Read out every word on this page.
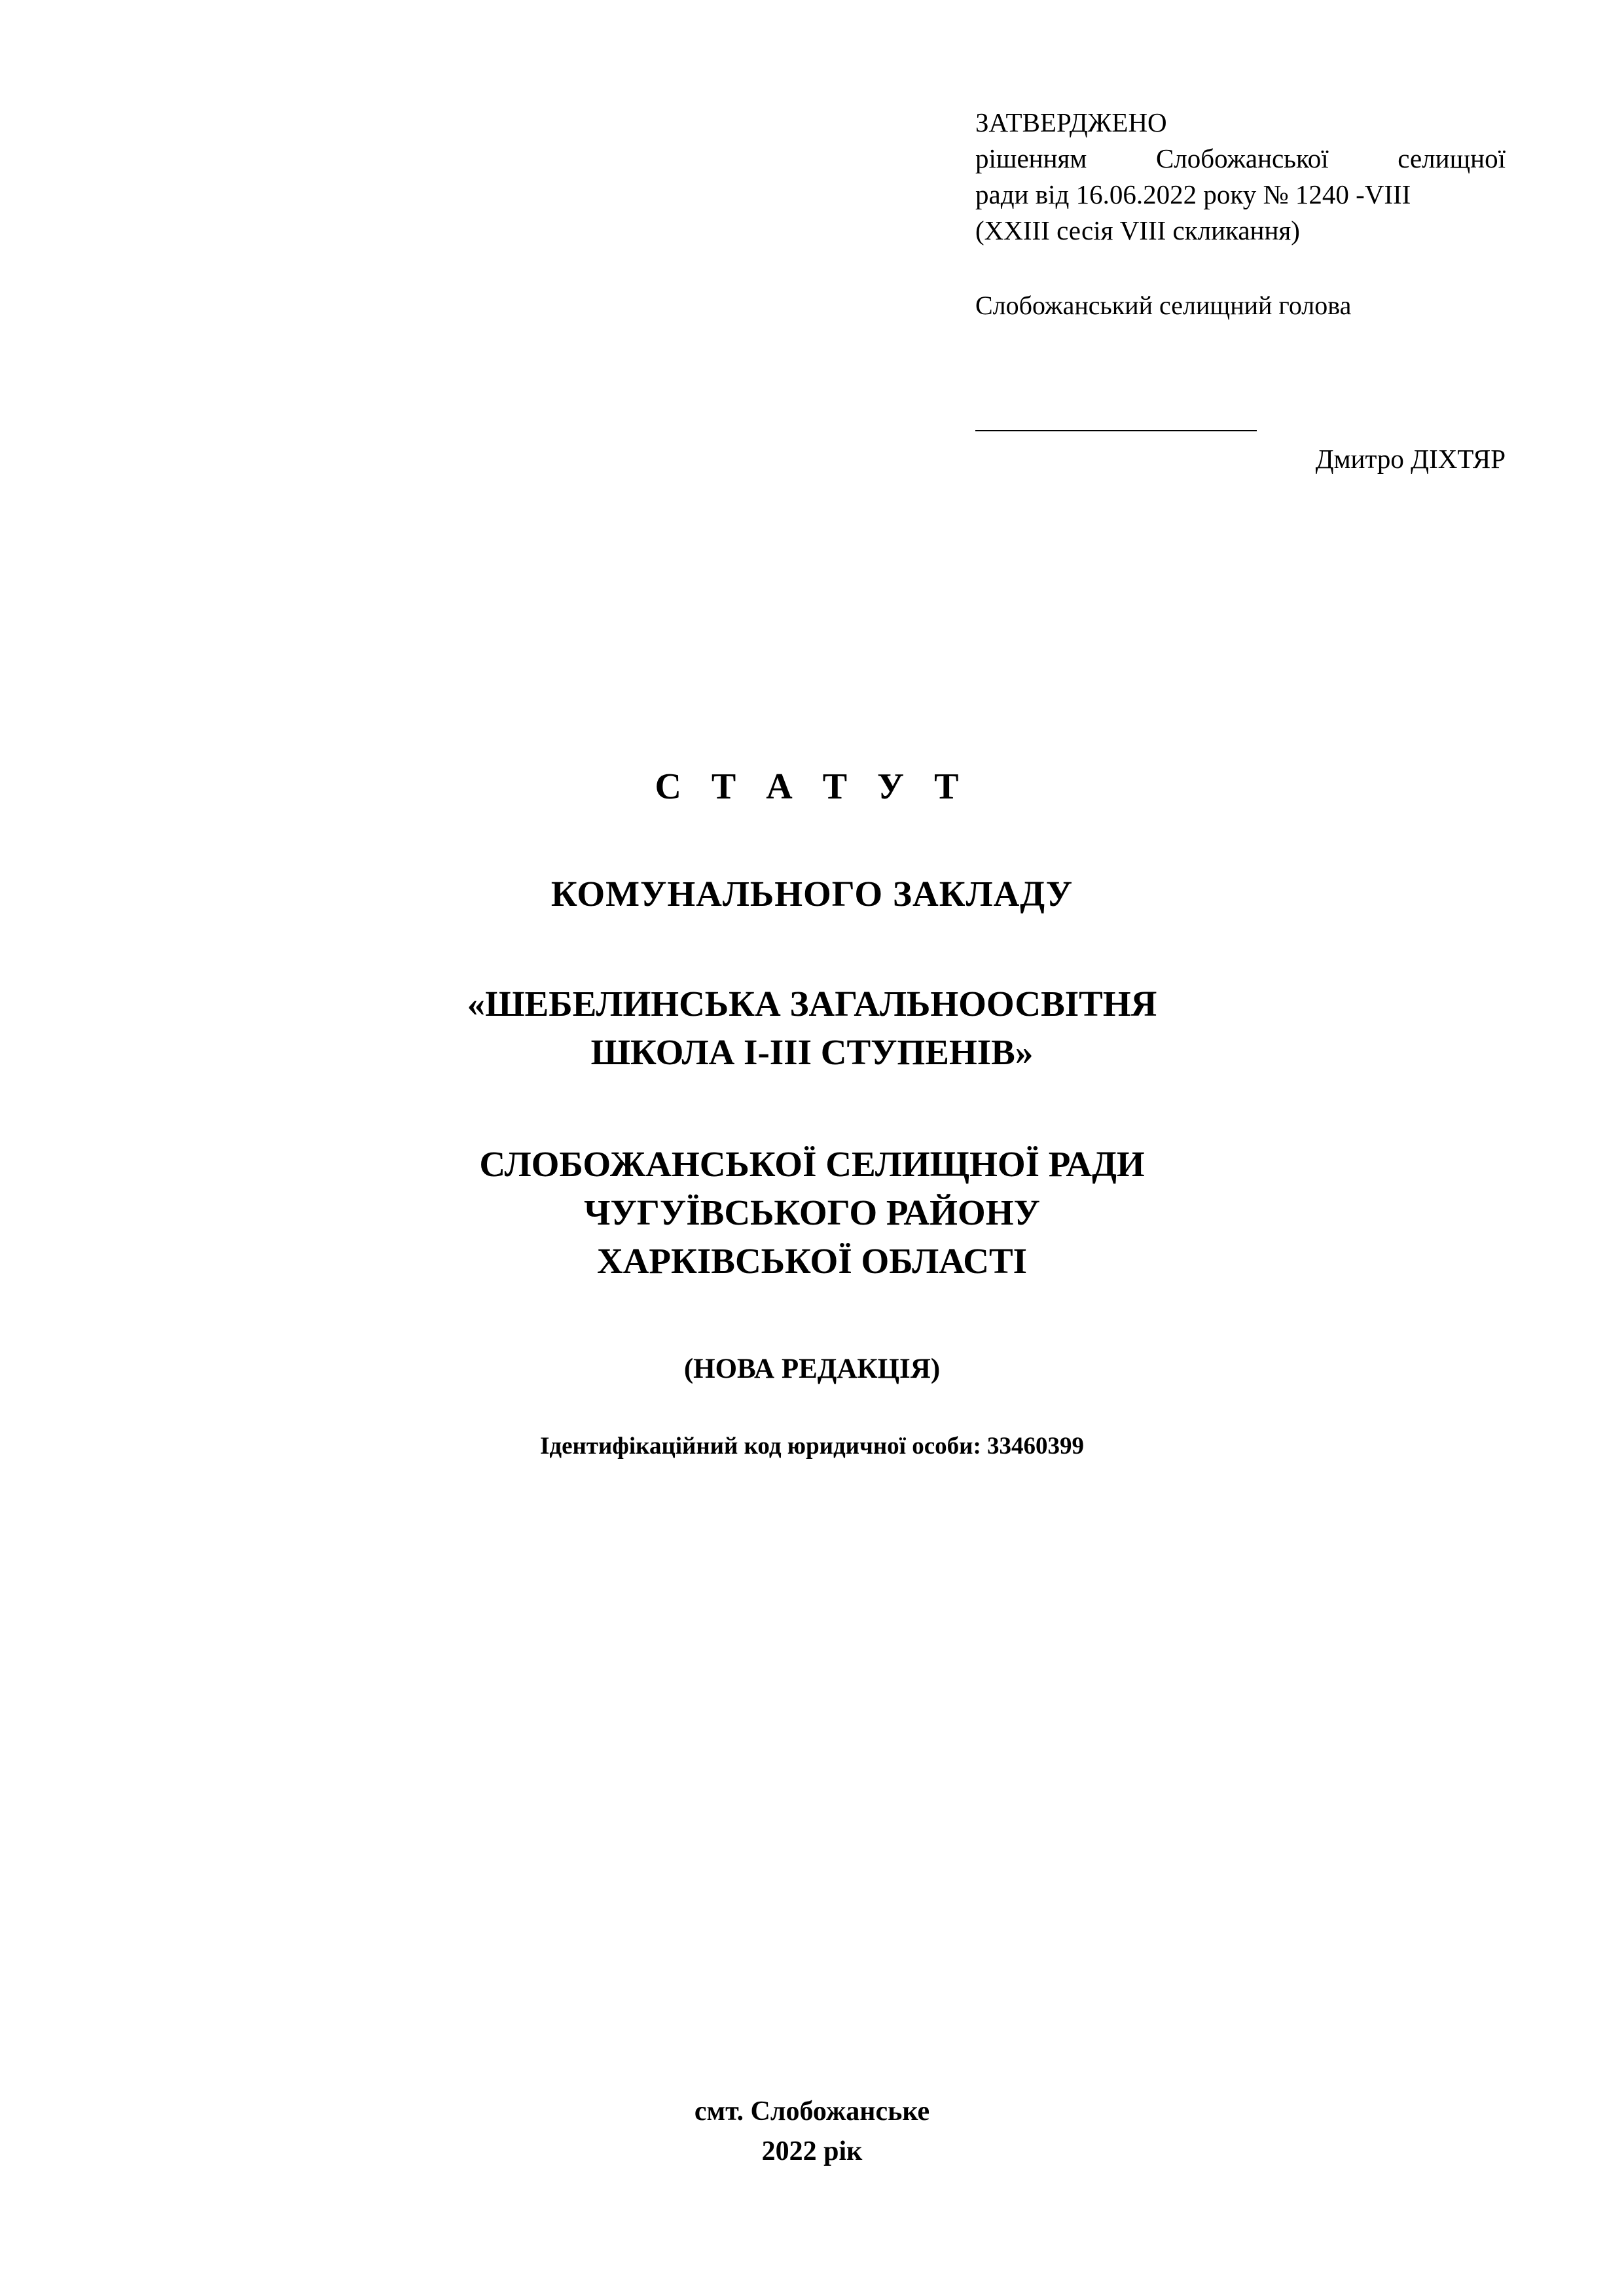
ЗАТВЕРДЖЕНО
рішенням Слобожанської селищної
ради від 16.06.2022 року № 1240 -VIII
(XXIII сесія VIII скликання)
Слобожанський селищний голова
Дмитро ДІХТЯР
С Т А Т У Т
КОМУНАЛЬНОГО ЗАКЛАДУ
«ШЕБЕЛИНСЬКА ЗАГАЛЬНООСВІТНЯ
ШКОЛА І-ІІІ СТУПЕНІВ»
СЛОБОЖАНСЬКОЇ СЕЛИЩНОЇ РАДИ
ЧУГУЇВСЬКОГО РАЙОНУ
ХАРКІВСЬКОЇ ОБЛАСТІ
(НОВА РЕДАКЦІЯ)
Ідентифікаційний код юридичної особи: 33460399
смт. Слобожанське
2022 рік
